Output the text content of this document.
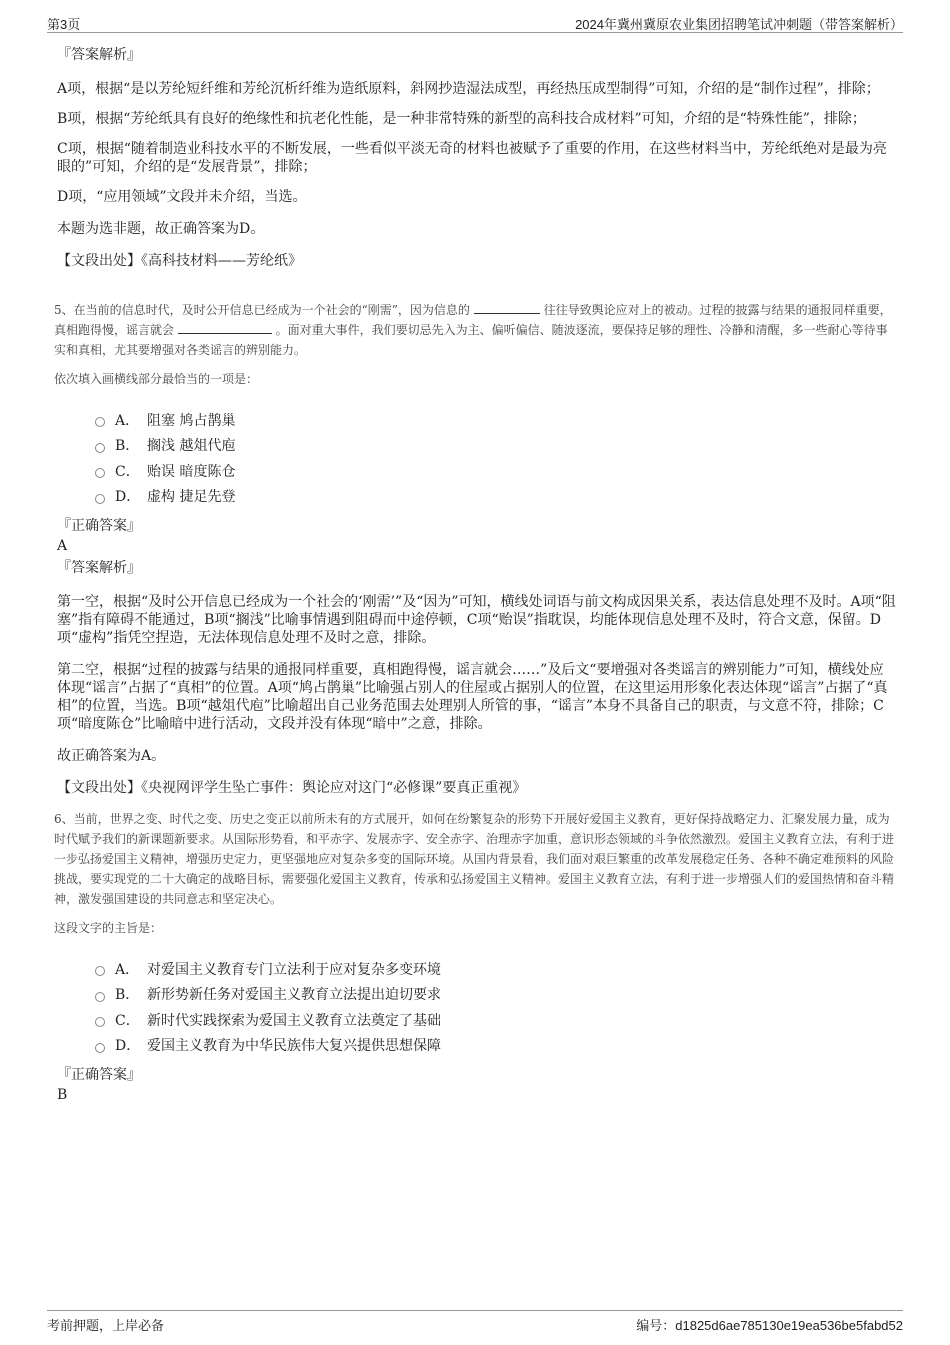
第3页	2024年冀州冀原农业集团招聘笔试冲刺题（带答案解析）
『答案解析』

A项，根据“是以芳纶短纤维和芳纶沉析纤维为造纸原料，斜网抄造湿法成型，再经热压成型制得”可知，介绍的是“制作过程”，排除；

B项，根据“芳纶纸具有良好的绝缘性和抗老化性能，是一种非常特殊的新型的高科技合成材料”可知，介绍的是“特殊性能”，排除；

C项，根据“随着制造业科技水平的不断发展，一些看似平淡无奇的材料也被赋予了重要的作用，在这些材料当中，芳纶纸绝对是最为亮眼的”可知，介绍的是“发展背景”，排除；

D项，“应用领域”文段并未介绍，当选。

本题为选非题，故正确答案为D。

【文段出处】《高科技材料——芳纶纸》

5、在当前的信息时代，及时公开信息已经成为一个社会的“刚需”，因为信息的	往往导致舆论应对上的被动。过程的披露与结果的通报同样重要，真相跑得慢，谣言就会	。面对重大事件，我们要切忌先入为主、偏听偏信、随波逐流，要保持足够的理性、冷静和清醒，多一些耐心等待事实和真相，尤其要增强对各类谣言的辨别能力。

依次填入画横线部分最恰当的一项是：

A． 阻塞 鸠占鹊巢
B． 搁浅 越俎代庖
C． 贻误 暗度陈仓
D． 虚构 捷足先登
『正确答案』
A
『答案解析』

第一空，根据“及时公开信息已经成为一个社会的‘刚需’”及“因为”可知，横线处词语与前文构成因果关系，表达信息处理不及时。A项“阻塞”指有障碍不能通过，B项“搁浅”比喻事情遇到阻碍而中途停顿，C项“贻误”指耽误，均能体现信息处理不及时，符合文意，保留。D项“虚构”指凭空捏造，无法体现信息处理不及时之意，排除。

第二空，根据“过程的披露与结果的通报同样重要，真相跑得慢，谣言就会……”及后文“要增强对各类谣言的辨别能力”可知，横线处应体现“谣言”占据了“真相”的位置。A项“鸠占鹊巢”比喻强占别人的住屋或占据别人的位置，在这里运用形象化表达体现“谣言”占据了“真相”的位置，当选。B项“越俎代庖”比喻超出自己业务范围去处理别人所管的事，“谣言”本身不具备自己的职责，与文意不符，排除；C项“暗度陈仓”比喻暗中进行活动，文段并没有体现“暗中”之意，排除。

故正确答案为A。

【文段出处】《央视网评学生坠亡事件：舆论应对这门“必修课”要真正重视》

6、当前，世界之变、时代之变、历史之变正以前所未有的方式展开，如何在纷繁复杂的形势下开展好爱国主义教育，更好保持战略定力、汇聚发展力量，成为时代赋予我们的新课题新要求。从国际形势看，和平赤字、发展赤字、安全赤字、治理赤字加重，意识形态领域的斗争依然激烈。爱国主义教育立法，有利于进一步弘扬爱国主义精神，增强历史定力，更坚强地应对复杂多变的国际环境。从国内背景看，我们面对艰巨繁重的改革发展稳定任务、各种不确定难预料的风险挑战，要实现党的二十大确定的战略目标，需要强化爱国主义教育，传承和弘扬爱国主义精神。爱国主义教育立法，有利于进一步增强人们的爱国热情和奋斗精神，激发强国建设的共同意志和坚定决心。

这段文字的主旨是：

A． 对爱国主义教育专门立法利于应对复杂多变环境
B． 新形势新任务对爱国主义教育立法提出迫切要求
C． 新时代实践探索为爱国主义教育立法奠定了基础
D． 爱国主义教育为中华民族伟大复兴提供思想保障
『正确答案』
B
考前押题，上岸必备	编号：d1825d6ae785130e19ea536be5fabd52
